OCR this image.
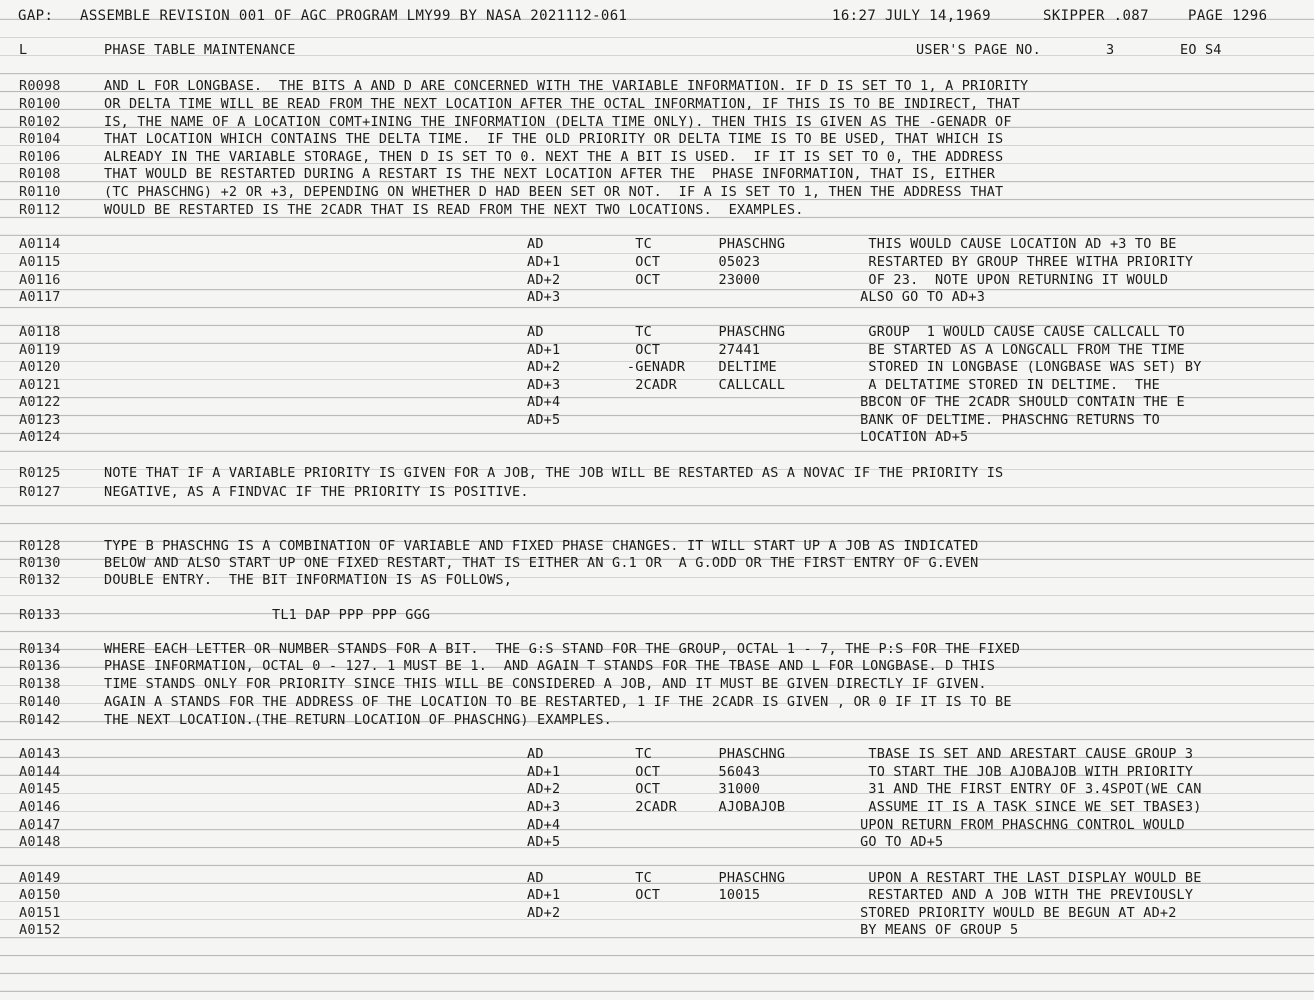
GAP: ASSEMBLE REVISION 001 OF AGC PROGRAM LMY99 BY NASA 2021112-061	16:27 JULY 14,1969	SKIPPER .087	PAGE 1296
L	PHASE TABLE MAINTENANCE	USER'S PAGE NO.	3	EO S4
R0098	AND L FOR LONGBASE.  THE BITS A AND D ARE CONCERNED WITH THE VARIABLE INFORMATION. IF D IS SET TO 1, A PRIORITY
R0100	OR DELTA TIME WILL BE READ FROM THE NEXT LOCATION AFTER THE OCTAL INFORMATION, IF THIS IS TO BE INDIRECT, THAT
R0102	IS, THE NAME OF A LOCATION COMT+INING THE INFORMATION (DELTA TIME ONLY). THEN THIS IS GIVEN AS THE -GENADR OF
R0104	THAT LOCATION WHICH CONTAINS THE DELTA TIME.  IF THE OLD PRIORITY OR DELTA TIME IS TO BE USED, THAT WHICH IS
R0106	ALREADY IN THE VARIABLE STORAGE, THEN D IS SET TO 0. NEXT THE A BIT IS USED.  IF IT IS SET TO 0, THE ADDRESS
R0108	THAT WOULD BE RESTARTED DURING A RESTART IS THE NEXT LOCATION AFTER THE  PHASE INFORMATION, THAT IS, EITHER
R0110	(TC PHASCHNG) +2 OR +3, DEPENDING ON WHETHER D HAD BEEN SET OR NOT.  IF A IS SET TO 1, THEN THE ADDRESS THAT
R0112	WOULD BE RESTARTED IS THE 2CADR THAT IS READ FROM THE NEXT TWO LOCATIONS.  EXAMPLES.
A0114	AD           TC        PHASCHNG          THIS WOULD CAUSE LOCATION AD +3 TO BE
A0115	AD+1         OCT       05023             RESTARTED BY GROUP THREE WITHA PRIORITY
A0116	AD+2         OCT       23000             OF 23.  NOTE UPON RETURNING IT WOULD
A0117	AD+3                                    ALSO GO TO AD+3
A0118	AD           TC        PHASCHNG          GROUP  1 WOULD CAUSE CAUSE CALLCALL TO
A0119	AD+1         OCT       27441             BE STARTED AS A LONGCALL FROM THE TIME
A0120	AD+2        -GENADR    DELTIME           STORED IN LONGBASE (LONGBASE WAS SET) BY
A0121	AD+3         2CADR     CALLCALL          A DELTATIME STORED IN DELTIME.  THE
A0122	AD+4                                    BBCON OF THE 2CADR SHOULD CONTAIN THE E
A0123	AD+5                                    BANK OF DELTIME. PHASCHNG RETURNS TO
A0124	LOCATION AD+5
R0125	NOTE THAT IF A VARIABLE PRIORITY IS GIVEN FOR A JOB, THE JOB WILL BE RESTARTED AS A NOVAC IF THE PRIORITY IS
R0127	NEGATIVE, AS A FINDVAC IF THE PRIORITY IS POSITIVE.
R0128	TYPE B PHASCHNG IS A COMBINATION OF VARIABLE AND FIXED PHASE CHANGES. IT WILL START UP A JOB AS INDICATED
R0130	BELOW AND ALSO START UP ONE FIXED RESTART, THAT IS EITHER AN G.1 OR  A G.ODD OR THE FIRST ENTRY OF G.EVEN
R0132	DOUBLE ENTRY.  THE BIT INFORMATION IS AS FOLLOWS,
R0133	TL1 DAP PPP PPP GGG
R0134	WHERE EACH LETTER OR NUMBER STANDS FOR A BIT.  THE G:S STAND FOR THE GROUP, OCTAL 1 - 7, THE P:S FOR THE FIXED
R0136	PHASE INFORMATION, OCTAL 0 - 127. 1 MUST BE 1.  AND AGAIN T STANDS FOR THE TBASE AND L FOR LONGBASE. D THIS
R0138	TIME STANDS ONLY FOR PRIORITY SINCE THIS WILL BE CONSIDERED A JOB, AND IT MUST BE GIVEN DIRECTLY IF GIVEN.
R0140	AGAIN A STANDS FOR THE ADDRESS OF THE LOCATION TO BE RESTARTED, 1 IF THE 2CADR IS GIVEN , OR 0 IF IT IS TO BE
R0142	THE NEXT LOCATION.(THE RETURN LOCATION OF PHASCHNG) EXAMPLES.
A0143	AD           TC        PHASCHNG          TBASE IS SET AND ARESTART CAUSE GROUP 3
A0144	AD+1         OCT       56043             TO START THE JOB AJOBAJOB WITH PRIORITY
A0145	AD+2         OCT       31000             31 AND THE FIRST ENTRY OF 3.4SPOT(WE CAN
A0146	AD+3         2CADR     AJOBAJOB          ASSUME IT IS A TASK SINCE WE SET TBASE3)
A0147	AD+4                                    UPON RETURN FROM PHASCHNG CONTROL WOULD
A0148	AD+5                                    GO TO AD+5
A0149	AD           TC        PHASCHNG          UPON A RESTART THE LAST DISPLAY WOULD BE
A0150	AD+1         OCT       10015             RESTARTED AND A JOB WITH THE PREVIOUSLY
A0151	AD+2                                    STORED PRIORITY WOULD BE BEGUN AT AD+2
A0152	BY MEANS OF GROUP 5
